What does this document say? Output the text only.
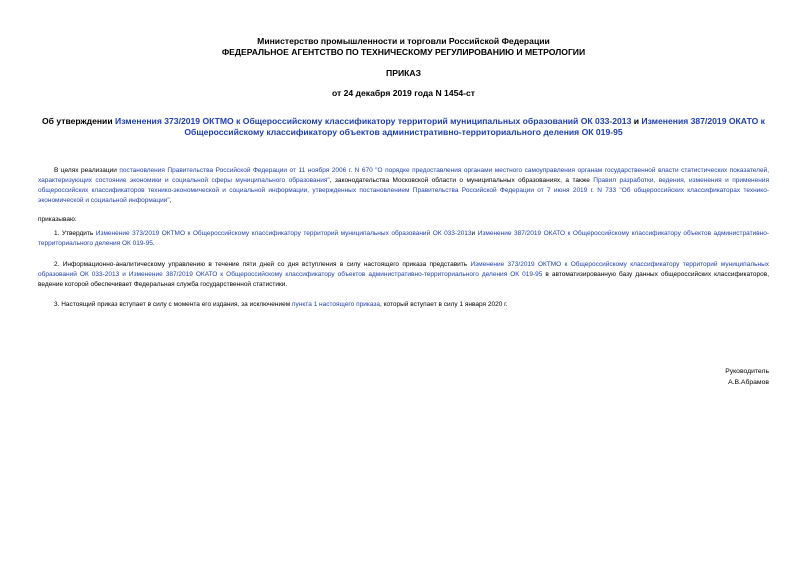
Министерство промышленности и торговли Российской Федерации
ФЕДЕРАЛЬНОЕ АГЕНТСТВО ПО ТЕХНИЧЕСКОМУ РЕГУЛИРОВАНИЮ И МЕТРОЛОГИИ
ПРИКАЗ
от 24 декабря 2019 года N 1454-ст
Об утверждении Изменения 373/2019 ОКТМО к Общероссийскому классификатору территорий муниципальных образований ОК 033-2013 и Изменения 387/2019 ОКАТО к Общероссийскому классификатору объектов административно-территориального деления ОК 019-95
В целях реализации постановления Правительства Российской Федерации от 11 ноября 2006 г. N 670 "О порядке предоставления органами местного самоуправления органам государственной власти статистических показателей, характеризующих состояние экономики и социальной сферы муниципального образования", законодательства Московской области о муниципальных образованиях, а также Правил разработки, ведения, изменения и применения общероссийских классификаторов технико-экономической и социальной информации, утвержденных постановлением Правительства Российской Федерации от 7 июня 2019 г. N 733 "Об общероссийских классификаторах технико-экономической и социальной информации",
приказываю:
1. Утвердить Изменение 373/2019 ОКТМО к Общероссийскому классификатору территорий муниципальных образований ОК 033-2013и Изменение 387/2019 ОКАТО к Общероссийскому классификатору объектов административно-территориального деления ОК 019-95.
2. Информационно-аналитическому управлению в течение пяти дней со дня вступления в силу настоящего приказа представить Изменение 373/2019 ОКТМО к Общероссийскому классификатору территорий муниципальных образований ОК 033-2013 и Изменение 387/2019 ОКАТО к Общероссийскому классификатору объектов административно-территориального деления ОК 019-95 в автоматизированную базу данных общероссийских классификаторов, ведение которой обеспечивает Федеральная служба государственной статистики.
3. Настоящий приказ вступает в силу с момента его издания, за исключением пункта 1 настоящего приказа, который вступает в силу 1 января 2020 г.
Руководитель
А.В.Абрамов
